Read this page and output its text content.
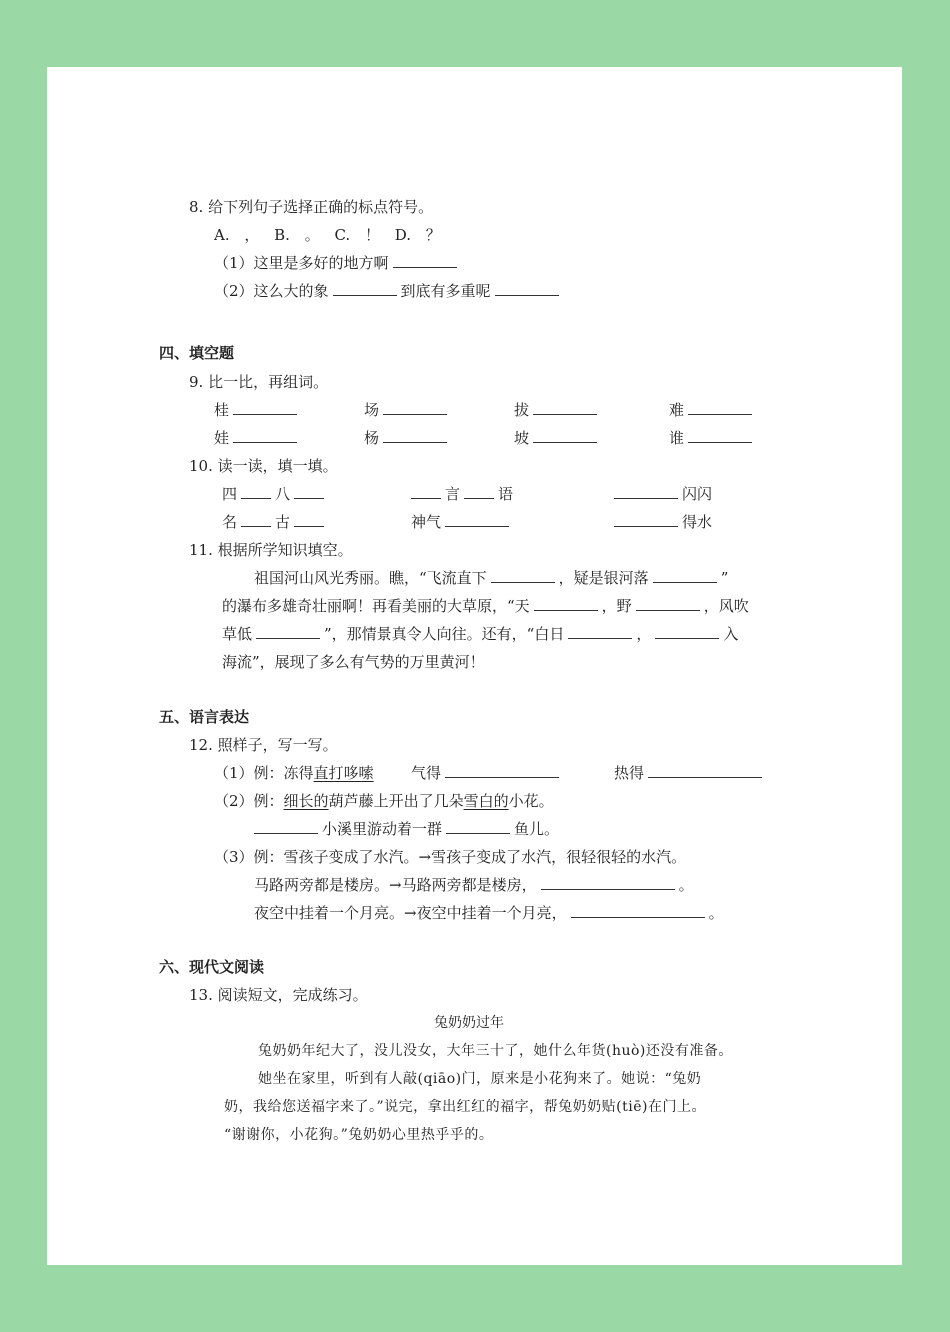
8. 给下列句子选择正确的标点符号。
A. ， B. 。 C. ！ D. ？
（1）这里是多好的地方啊
（2）这么大的象	到底有多重呢
四、填空题
9. 比一比，再组词。
桂	场	拔	难
娃	杨	坡	谁
10. 读一读，填一填。
四	八	言	语	闪闪
名	古	神气	得水
11. 根据所学知识填空。
祖国河山风光秀丽。瞧，“飞流直下	，疑是银河落	”
的瀑布多雄奇壮丽啊！再看美丽的大草原，“天	，野	，风吹
草低	”，那情景真令人向往。还有，“白日	，	入
海流”，展现了多么有气势的万里黄河！
五、语言表达
12. 照样子，写一写。
（1）例：冻得直打哆嗦 气得	热得
（2）例：细长的葫芦藤上开出了几朵雪白的小花。
小溪里游动着一群	鱼儿。
（3）例：雪孩子变成了水汽。→雪孩子变成了水汽，很轻很轻的水汽。
马路两旁都是楼房。→马路两旁都是楼房，	。
夜空中挂着一个月亮。→夜空中挂着一个月亮，	。
六、现代文阅读
13. 阅读短文，完成练习。
兔奶奶过年
兔奶奶年纪大了，没儿没女，大年三十了，她什么年货(huò)还没有准备。
她坐在家里，听到有人敲(qiāo)门，原来是小花狗来了。她说：“兔奶
奶，我给您送福字来了。”说完，拿出红红的福字，帮兔奶奶贴(tiē)在门上。
“谢谢你，小花狗。”兔奶奶心里热乎乎的。
